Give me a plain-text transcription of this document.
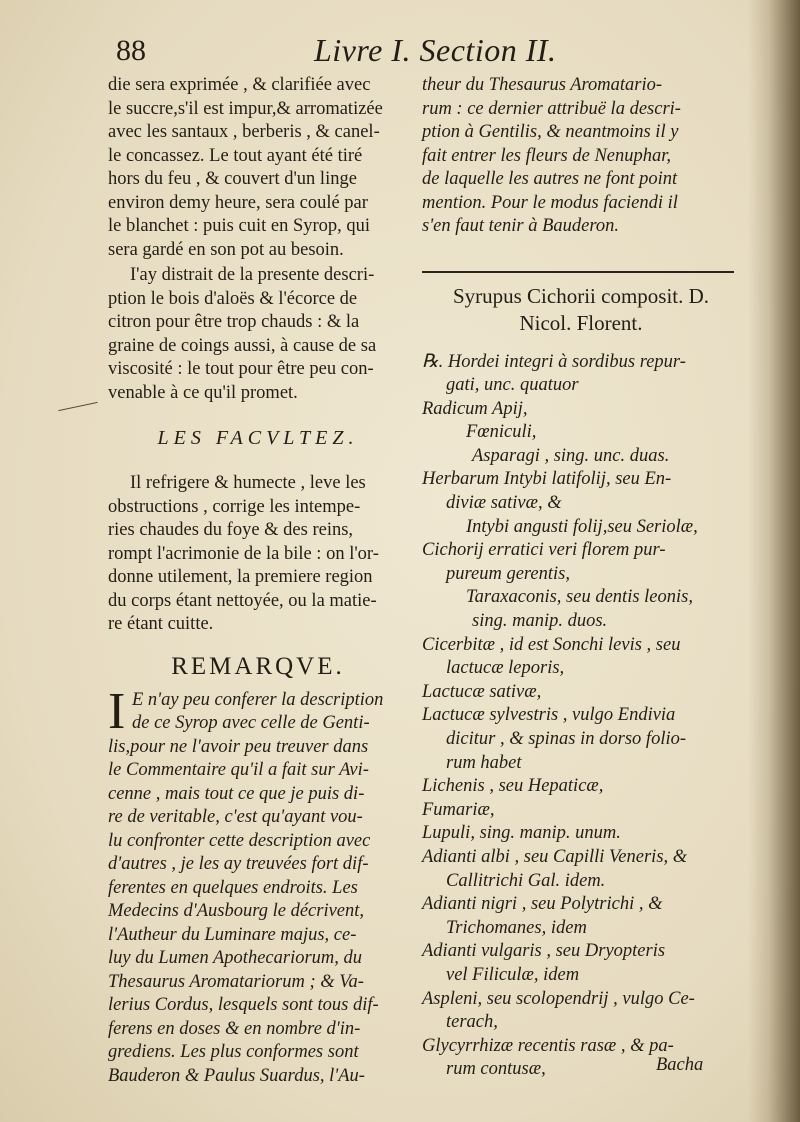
88	Livre I. Section II.
die sera exprimée , & clarifiée avec
le succre,s'il est impur,& arromatizée
avec les santaux , berberis , & canel-
le concassez. Le tout ayant été tiré
hors du feu , & couvert d'un linge
environ demy heure, sera coulé par
le blanchet : puis cuit en Syrop, qui
sera gardé en son pot au besoin.
I'ay distrait de la presente descri-
ption le bois d'aloës & l'écorce de
citron pour être trop chauds : & la
graine de coings aussi, à cause de sa
viscosité : le tout pour être peu con-
venable à ce qu'il promet.
LES FACVLTEZ.
Il refrigere & humecte , leve les
obstructions , corrige les intempe-
ries chaudes du foye & des reins,
rompt l'acrimonie de la bile : on l'or-
donne utilement, la premiere region
du corps étant nettoyée, ou la matie-
re étant cuitte.
REMARQVE.
I E n'ay peu conferer la description
de ce Syrop avec celle de Genti-
lis,pour ne l'avoir peu treuver dans
le Commentaire qu'il a fait sur Avi-
cenne , mais tout ce que je puis di-
re de veritable, c'est qu'ayant vou-
lu confronter cette description avec
d'autres , je les ay treuvées fort dif-
ferentes en quelques endroits. Les
Medecins d'Ausbourg le décrivent,
l'Autheur du Luminare majus, ce-
luy du Lumen Apothecariorum, du
Thesaurus Aromatariorum ; & Va-
lerius Cordus, lesquels sont tous dif-
ferens en doses & en nombre d'in-
grediens. Les plus conformes sont
Bauderon & Paulus Suardus, l'Au-
theur du Thesaurus Aromatario-
rum : ce dernier attribuë la descri-
ption à Gentilis, & neantmoins il y
fait entrer les fleurs de Nenuphar,
de laquelle les autres ne font point
mention. Pour le modus faciendi il
s'en faut tenir à Bauderon.
Syrupus Cichorii composit. D.
Nicol. Florent.
℞. Hordei integri à sordibus repur-
gati, unc. quatuor
Radicum Apij,
Fœniculi,
Asparagi , sing. unc. duas.
Herbarum Intybi latifolij, seu En-
diviæ sativæ, &
Intybi angusti folij,seu Seriolæ,
Cichorij erratici veri florem pur-
pureum gerentis,
Taraxaconis, seu dentis leonis,
sing. manip. duos.
Cicerbitæ , id est Sonchi levis , seu
lactucæ leporis,
Lactucæ sativæ,
Lactucæ sylvestris , vulgo Endivia
dicitur , & spinas in dorso folio-
rum habet
Lichenis , seu Hepaticæ,
Fumariæ,
Lupuli, sing. manip. unum.
Adianti albi , seu Capilli Veneris, &
Callitrichi Gal. idem.
Adianti nigri , seu Polytrichi , &
Trichomanes, idem
Adianti vulgaris , seu Dryopteris
vel Filiculæ, idem
Aspleni, seu scolopendrij , vulgo Ce-
terach,
Glycyrrhizæ recentis rasæ , & pa-
rum contusæ,	Bacha
